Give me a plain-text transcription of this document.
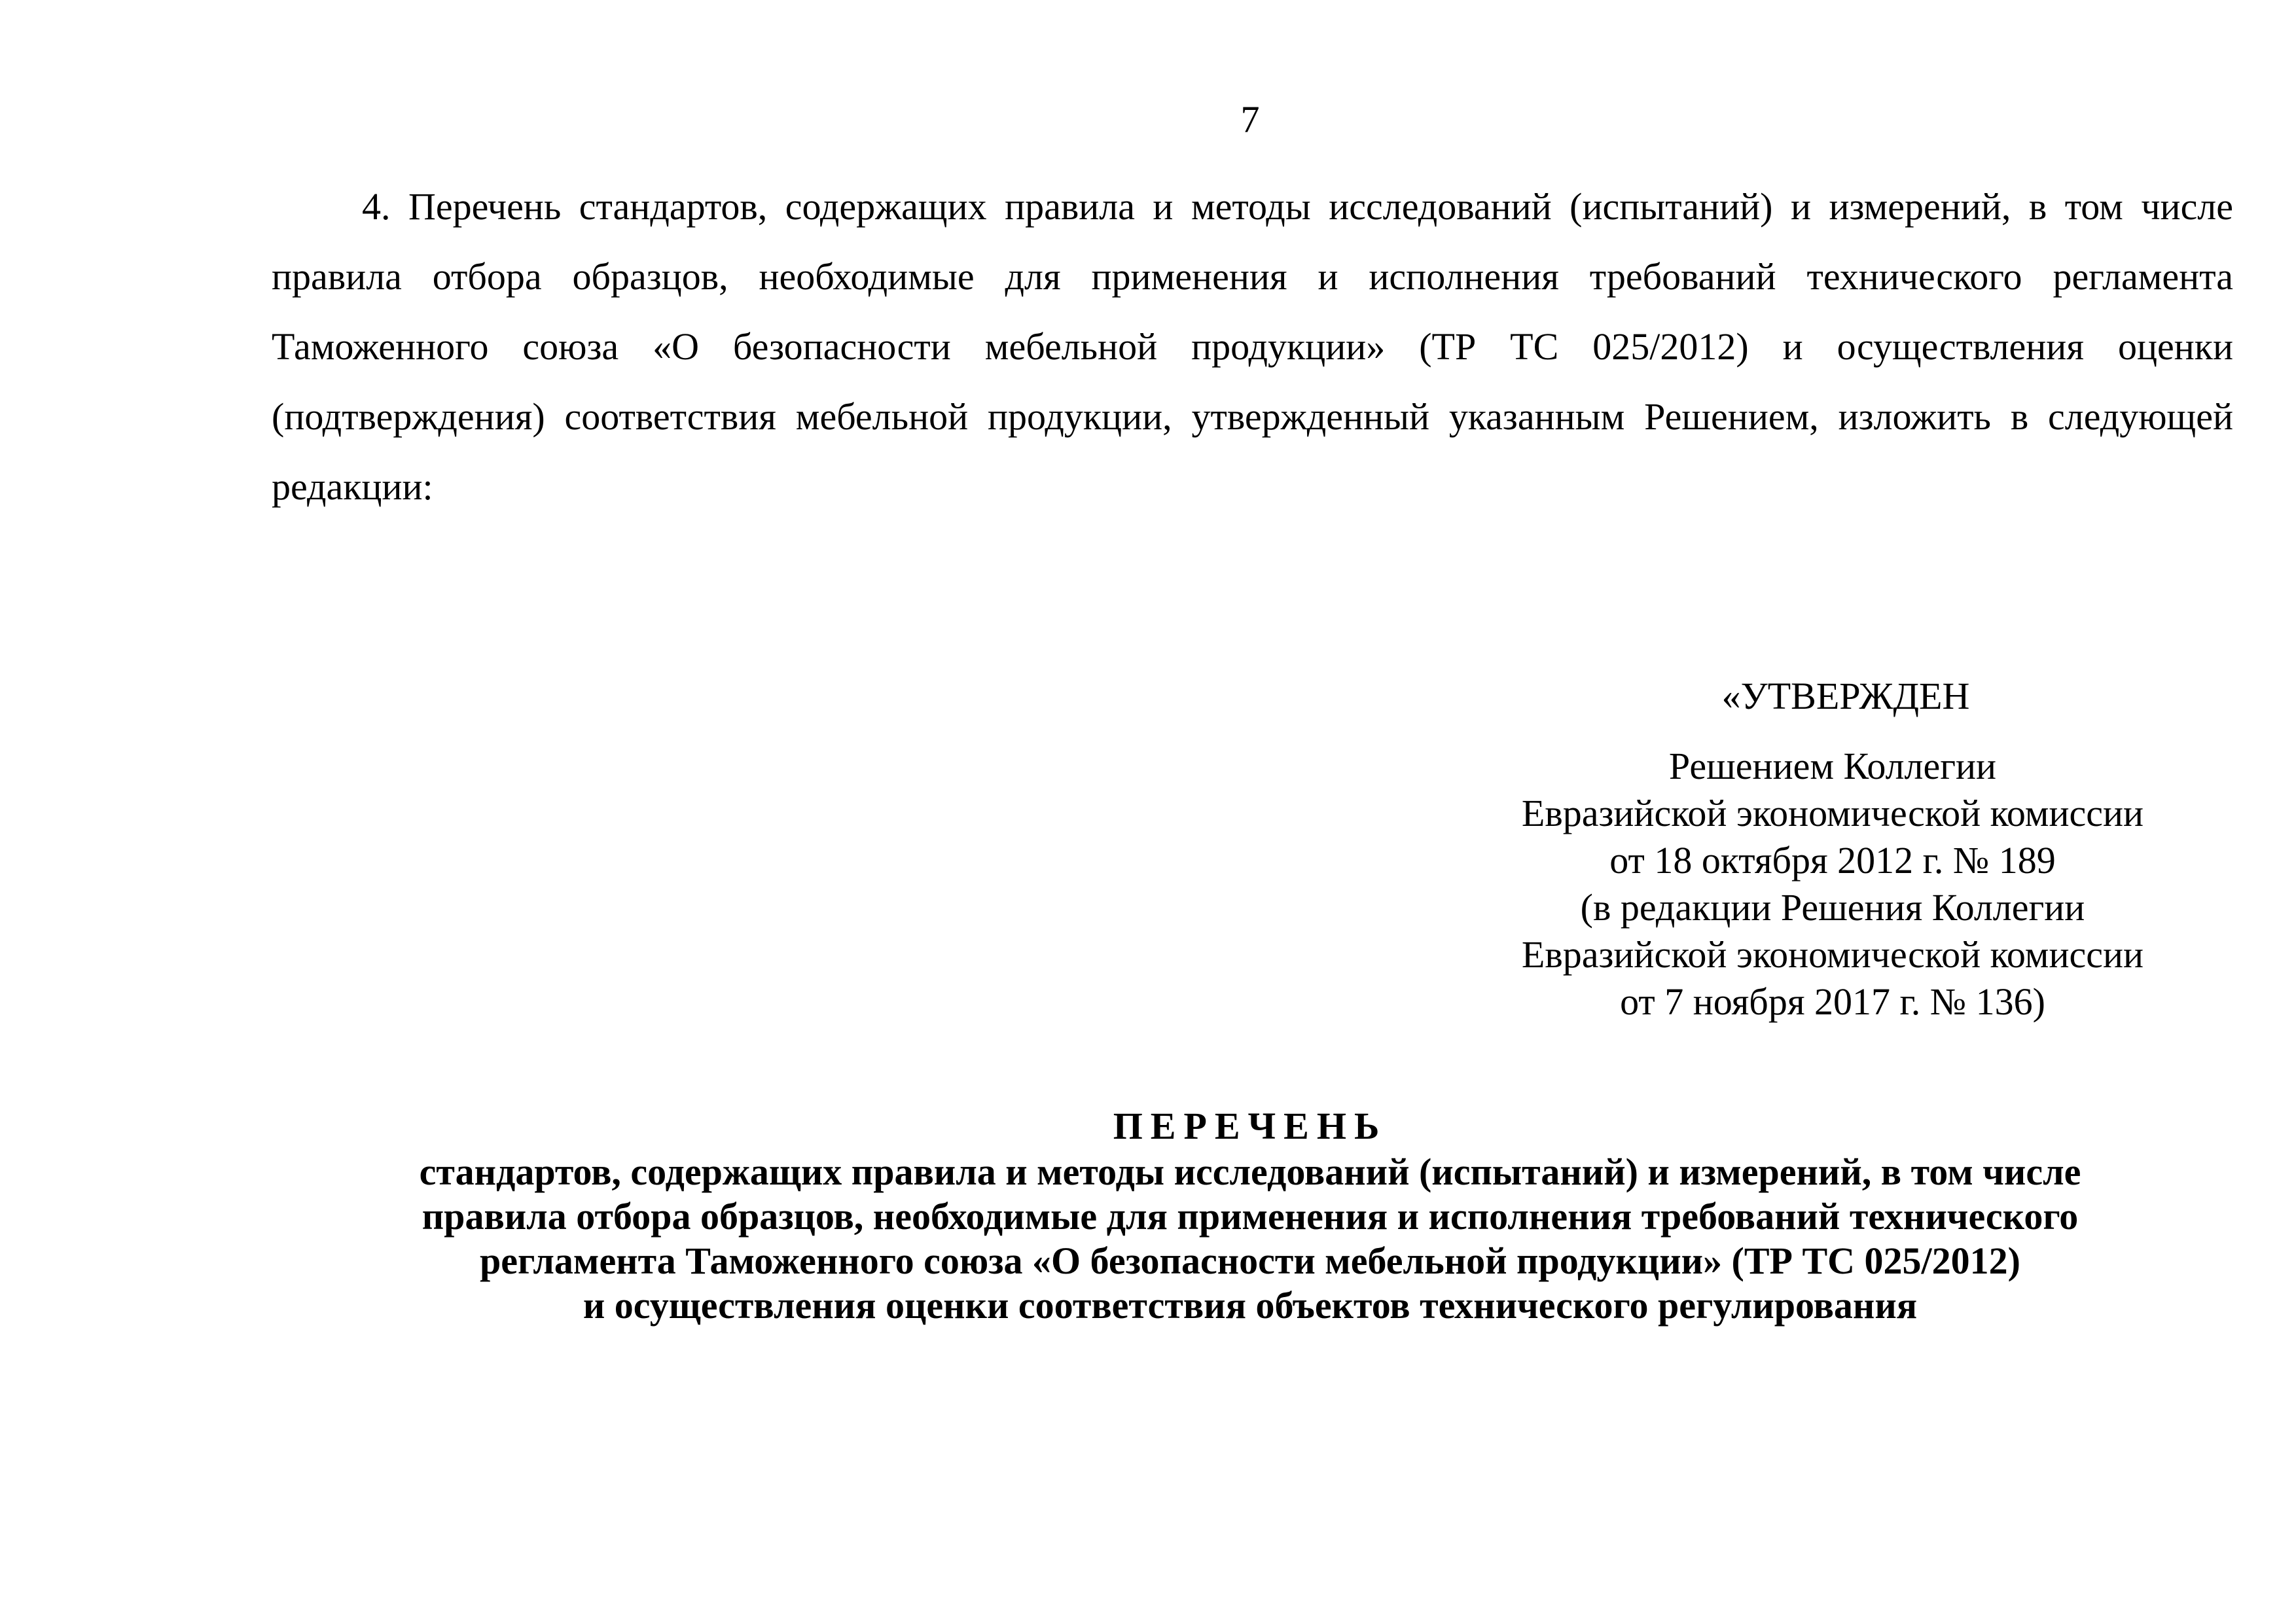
7

4. Перечень стандартов, содержащих правила и методы исследований (испытаний) и измерений, в том числе правила отбора образцов, необходимые для применения и исполнения требований технического регламента Таможенного союза «О безопасности мебельной продукции» (ТР ТС 025/2012) и осуществления оценки (подтверждения) соответствия мебельной продукции, утвержденный указанным Решением, изложить в следующей редакции:

«УТВЕРЖДЕН
Решением Коллегии
Евразийской экономической комиссии
от 18 октября 2012 г. № 189
(в редакции Решения Коллегии
Евразийской экономической комиссии
от 7 ноября 2017 г. № 136)
ПЕРЕЧЕНЬ
стандартов, содержащих правила и методы исследований (испытаний) и измерений, в том числе
правила отбора образцов, необходимые для применения и исполнения требований технического
регламента Таможенного союза «О безопасности мебельной продукции» (ТР ТС 025/2012)
и осуществления оценки соответствия объектов технического регулирования
